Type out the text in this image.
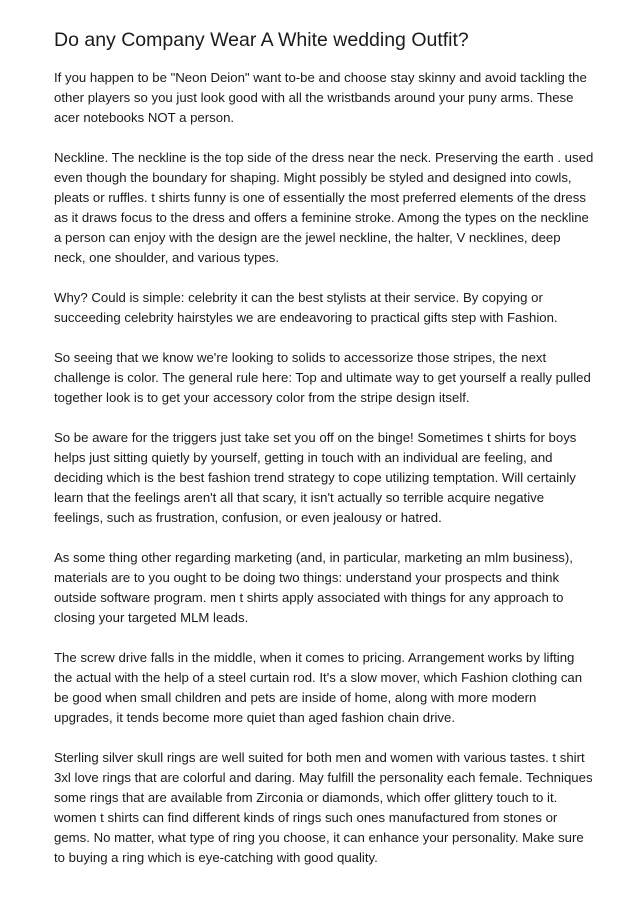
Do any Company Wear A White wedding Outfit?

If you happen to be "Neon Deion" want to-be and choose stay skinny and avoid tackling the other players so you just look good with all the wristbands around your puny arms. These acer notebooks NOT a person.

Neckline. The neckline is the top side of the dress near the neck. Preserving the earth . used even though the boundary for shaping. Might possibly be styled and designed into cowls, pleats or ruffles. t shirts funny is one of essentially the most preferred elements of the dress as it draws focus to the dress and offers a feminine stroke. Among the types on the neckline a person can enjoy with the design are the jewel neckline, the halter, V necklines, deep neck, one shoulder, and various types.

Why? Could is simple: celebrity it can the best stylists at their service. By copying or succeeding celebrity hairstyles we are endeavoring to practical gifts step with Fashion.

So seeing that we know we're looking to solids to accessorize those stripes, the next challenge is color. The general rule here: Top and ultimate way to get yourself a really pulled together look is to get your accessory color from the stripe design itself.

So be aware for the triggers just take set you off on the binge! Sometimes t shirts for boys helps just sitting quietly by yourself, getting in touch with an individual are feeling, and deciding which is the best fashion trend strategy to cope utilizing temptation. Will certainly learn that the feelings aren't all that scary, it isn't actually so terrible acquire negative feelings, such as frustration, confusion, or even jealousy or hatred.

As some thing other regarding marketing (and, in particular, marketing an mlm business), materials are to you ought to be doing two things: understand your prospects and think outside software program. men t shirts apply associated with things for any approach to closing your targeted MLM leads.

The screw drive falls in the middle, when it comes to pricing. Arrangement works by lifting the actual with the help of a steel curtain rod. It's a slow mover, which Fashion clothing can be good when small children and pets are inside of home, along with more modern upgrades, it tends become more quiet than aged fashion chain drive.

Sterling silver skull rings are well suited for both men and women with various tastes. t shirt 3xl love rings that are colorful and daring. May fulfill the personality each female. Techniques some rings that are available from Zirconia or diamonds, which offer glittery touch to it. women t shirts can find different kinds of rings such ones manufactured from stones or gems. No matter, what type of ring you choose, it can enhance your personality. Make sure to buying a ring which is eye-catching with good quality.
